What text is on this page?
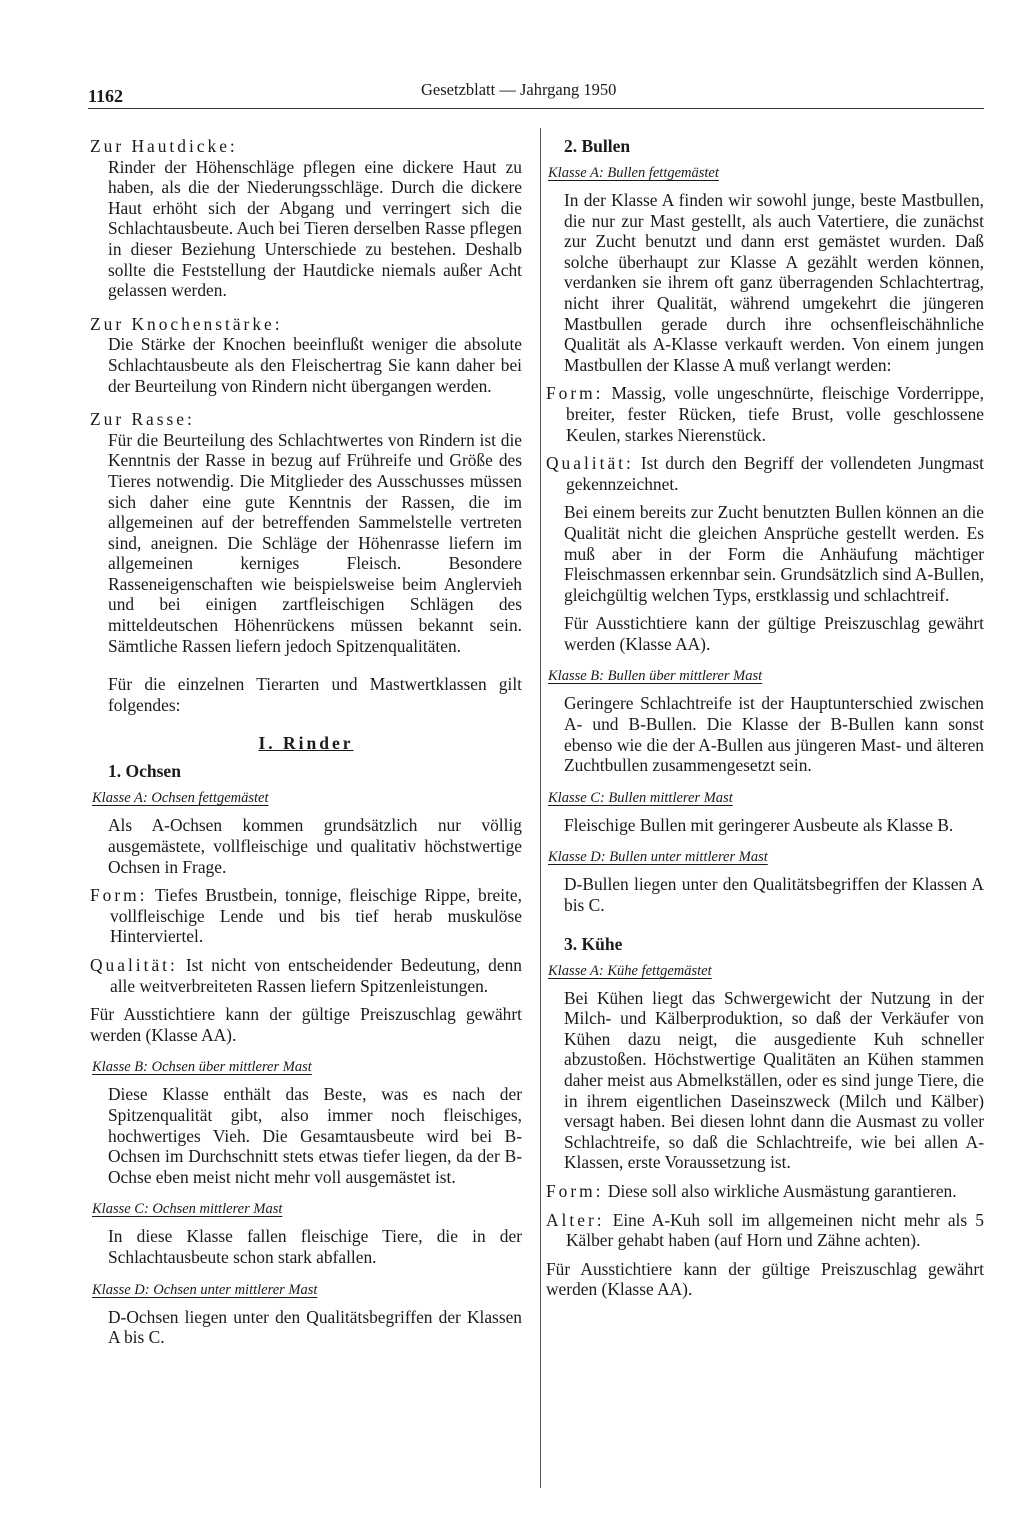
1162	Gesetzblatt — Jahrgang 1950

Zur Hautdicke:

Rinder der Höhenschläge pflegen eine dickere Haut zu haben, als die der Niederungsschläge. Durch die dickere Haut erhöht sich der Abgang und verringert sich die Schlachtausbeute. Auch bei Tieren derselben Rasse pflegen in dieser Beziehung Unterschiede zu bestehen. Deshalb sollte die Feststellung der Hautdicke niemals außer Acht gelassen werden.

Zur Knochenstärke:

Die Stärke der Knochen beeinflußt weniger die absolute Schlachtausbeute als den Fleischertrag Sie kann daher bei der Beurteilung von Rindern nicht übergangen werden.

Zur Rasse:

Für die Beurteilung des Schlachtwertes von Rindern ist die Kenntnis der Rasse in bezug auf Frühreife und Größe des Tieres notwendig. Die Mitglieder des Ausschusses müssen sich daher eine gute Kenntnis der Rassen, die im allgemeinen auf der betreffenden Sammelstelle vertreten sind, aneignen. Die Schläge der Höhenrasse liefern im allgemeinen kerniges Fleisch. Besondere Rasseneigenschaften wie beispielsweise beim Anglervieh und bei einigen zartfleischigen Schlägen des mitteldeutschen Höhenrückens müssen bekannt sein. Sämtliche Rassen liefern jedoch Spitzenqualitäten.

Für die einzelnen Tierarten und Mastwertklassen gilt folgendes:

I. Rinder

1. Ochsen

Klasse A: Ochsen fettgemästet

Als A-Ochsen kommen grundsätzlich nur völlig ausgemästete, vollfleischige und qualitativ höchstwertige Ochsen in Frage.

Form: Tiefes Brustbein, tonnige, fleischige Rippe, breite, vollfleischige Lende und bis tief herab muskulöse Hinterviertel.

Qualität: Ist nicht von entscheidender Bedeutung, denn alle weitverbreiteten Rassen liefern Spitzenleistungen.

Für Ausstichtiere kann der gültige Preiszuschlag gewährt werden (Klasse AA).

Klasse B: Ochsen über mittlerer Mast

Diese Klasse enthält das Beste, was es nach der Spitzenqualität gibt, also immer noch fleischiges, hochwertiges Vieh. Die Gesamtausbeute wird bei B-Ochsen im Durchschnitt stets etwas tiefer liegen, da der B-Ochse eben meist nicht mehr voll ausgemästet ist.

Klasse C: Ochsen mittlerer Mast

In diese Klasse fallen fleischige Tiere, die in der Schlachtausbeute schon stark abfallen.

Klasse D: Ochsen unter mittlerer Mast

D-Ochsen liegen unter den Qualitätsbegriffen der Klassen A bis C.

2. Bullen

Klasse A: Bullen fettgemästet

In der Klasse A finden wir sowohl junge, beste Mastbullen, die nur zur Mast gestellt, als auch Vatertiere, die zunächst zur Zucht benutzt und dann erst gemästet wurden. Daß solche überhaupt zur Klasse A gezählt werden können, verdanken sie ihrem oft ganz überragenden Schlachtertrag, nicht ihrer Qualität, während umgekehrt die jüngeren Mastbullen gerade durch ihre ochsenfleischähnliche Qualität als A-Klasse verkauft werden. Von einem jungen Mastbullen der Klasse A muß verlangt werden:

Form: Massig, volle ungeschnürte, fleischige Vorderrippe, breiter, fester Rücken, tiefe Brust, volle geschlossene Keulen, starkes Nierenstück.

Qualität: Ist durch den Begriff der vollendeten Jungmast gekennzeichnet.

Bei einem bereits zur Zucht benutzten Bullen können an die Qualität nicht die gleichen Ansprüche gestellt werden. Es muß aber in der Form die Anhäufung mächtiger Fleischmassen erkennbar sein. Grundsätzlich sind A-Bullen, gleichgültig welchen Typs, erstklassig und schlachtreif.

Für Ausstichtiere kann der gültige Preiszuschlag gewährt werden (Klasse AA).

Klasse B: Bullen über mittlerer Mast

Geringere Schlachtreife ist der Hauptunterschied zwischen A- und B-Bullen. Die Klasse der B-Bullen kann sonst ebenso wie die der A-Bullen aus jüngeren Mast- und älteren Zuchtbullen zusammengesetzt sein.

Klasse C: Bullen mittlerer Mast

Fleischige Bullen mit geringerer Ausbeute als Klasse B.

Klasse D: Bullen unter mittlerer Mast

D-Bullen liegen unter den Qualitätsbegriffen der Klassen A bis C.

3. Kühe

Klasse A: Kühe fettgemästet

Bei Kühen liegt das Schwergewicht der Nutzung in der Milch- und Kälberproduktion, so daß der Verkäufer von Kühen dazu neigt, die ausgediente Kuh schneller abzustoßen. Höchstwertige Qualitäten an Kühen stammen daher meist aus Abmelkställen, oder es sind junge Tiere, die in ihrem eigentlichen Daseinszweck (Milch und Kälber) versagt haben. Bei diesen lohnt dann die Ausmast zu voller Schlachtreife, so daß die Schlachtreife, wie bei allen A-Klassen, erste Voraussetzung ist.

Form: Diese soll also wirkliche Ausmästung garantieren.

Alter: Eine A-Kuh soll im allgemeinen nicht mehr als 5 Kälber gehabt haben (auf Horn und Zähne achten).

Für Ausstichtiere kann der gültige Preiszuschlag gewährt werden (Klasse AA).
